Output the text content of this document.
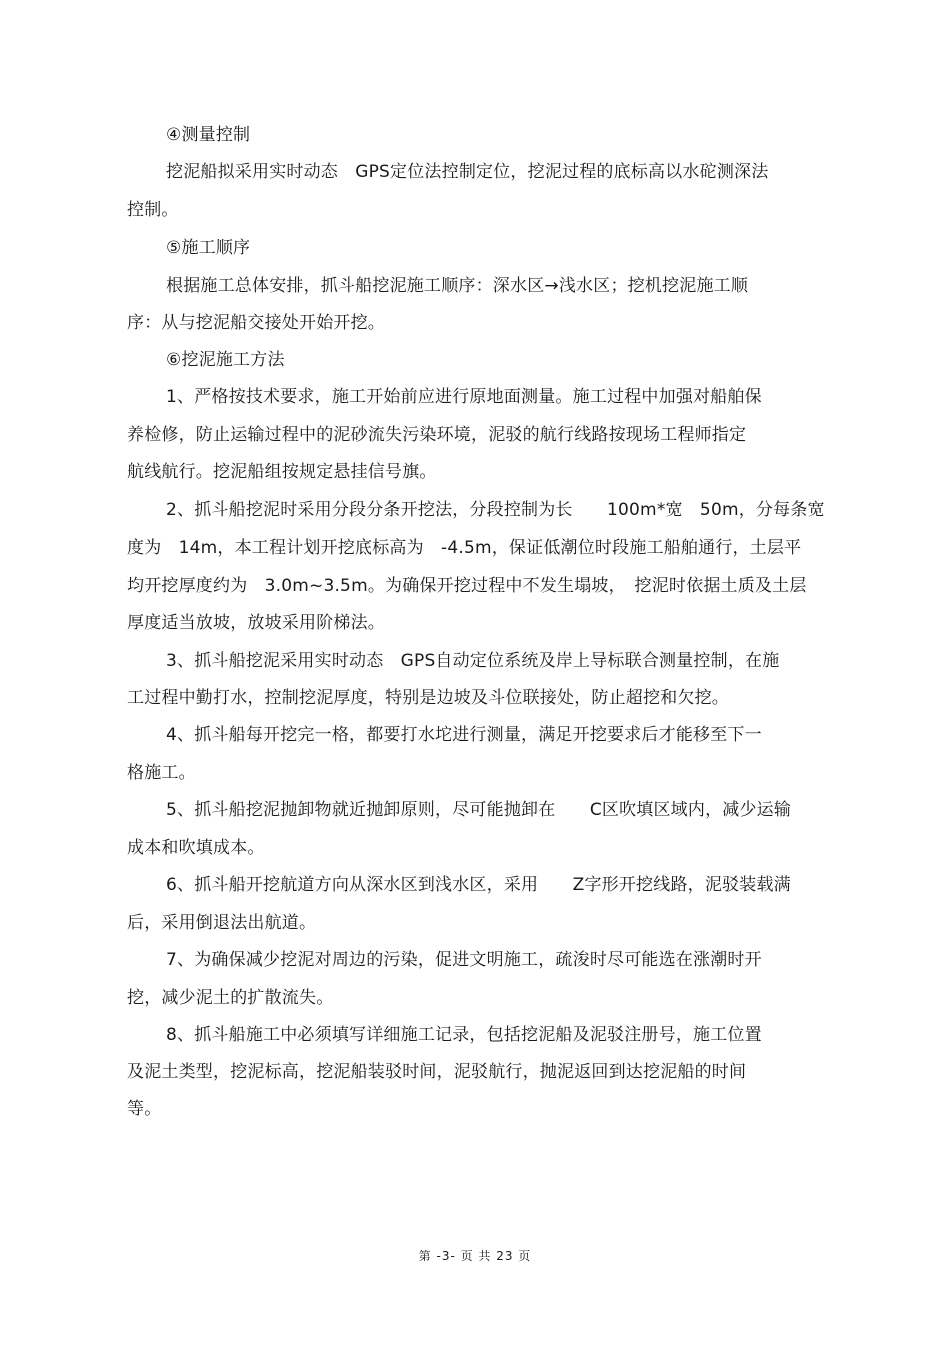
④测量控制
挖泥船拟采用实时动态　GPS定位法控制定位，挖泥过程的底标高以水砣测深法
控制。
⑤施工顺序
根据施工总体安排，抓斗船挖泥施工顺序：深水区→浅水区；挖机挖泥施工顺
序：从与挖泥船交接处开始开挖。
⑥挖泥施工方法
1、严格按技术要求，施工开始前应进行原地面测量。施工过程中加强对船舶保
养检修，防止运输过程中的泥砂流失污染环境，泥驳的航行线路按现场工程师指定
航线航行。挖泥船组按规定悬挂信号旗。
2、抓斗船挖泥时采用分段分条开挖法，分段控制为长　　100m*宽　50m，分每条宽
度为　14m，本工程计划开挖底标高为　-4.5m，保证低潮位时段施工船舶通行，土层平
均开挖厚度约为　3.0m~3.5m。为确保开挖过程中不发生塌坡，　挖泥时依据土质及土层
厚度适当放坡，放坡采用阶梯法。
3、抓斗船挖泥采用实时动态　GPS自动定位系统及岸上导标联合测量控制，在施
工过程中勤打水，控制挖泥厚度，特别是边坡及斗位联接处，防止超挖和欠挖。
4、抓斗船每开挖完一格，都要打水坨进行测量，满足开挖要求后才能移至下一
格施工。
5、抓斗船挖泥抛卸物就近抛卸原则，尽可能抛卸在　　C区吹填区域内，减少运输
成本和吹填成本。
6、抓斗船开挖航道方向从深水区到浅水区，采用　　Z字形开挖线路，泥驳装载满
后，采用倒退法出航道。
7、为确保减少挖泥对周边的污染，促进文明施工，疏浚时尽可能选在涨潮时开
挖，减少泥土的扩散流失。
8、抓斗船施工中必须填写详细施工记录，包括挖泥船及泥驳注册号，施工位置
及泥土类型，挖泥标高，挖泥船装驳时间，泥驳航行，抛泥返回到达挖泥船的时间
等。
第 -3- 页 共 23 页
